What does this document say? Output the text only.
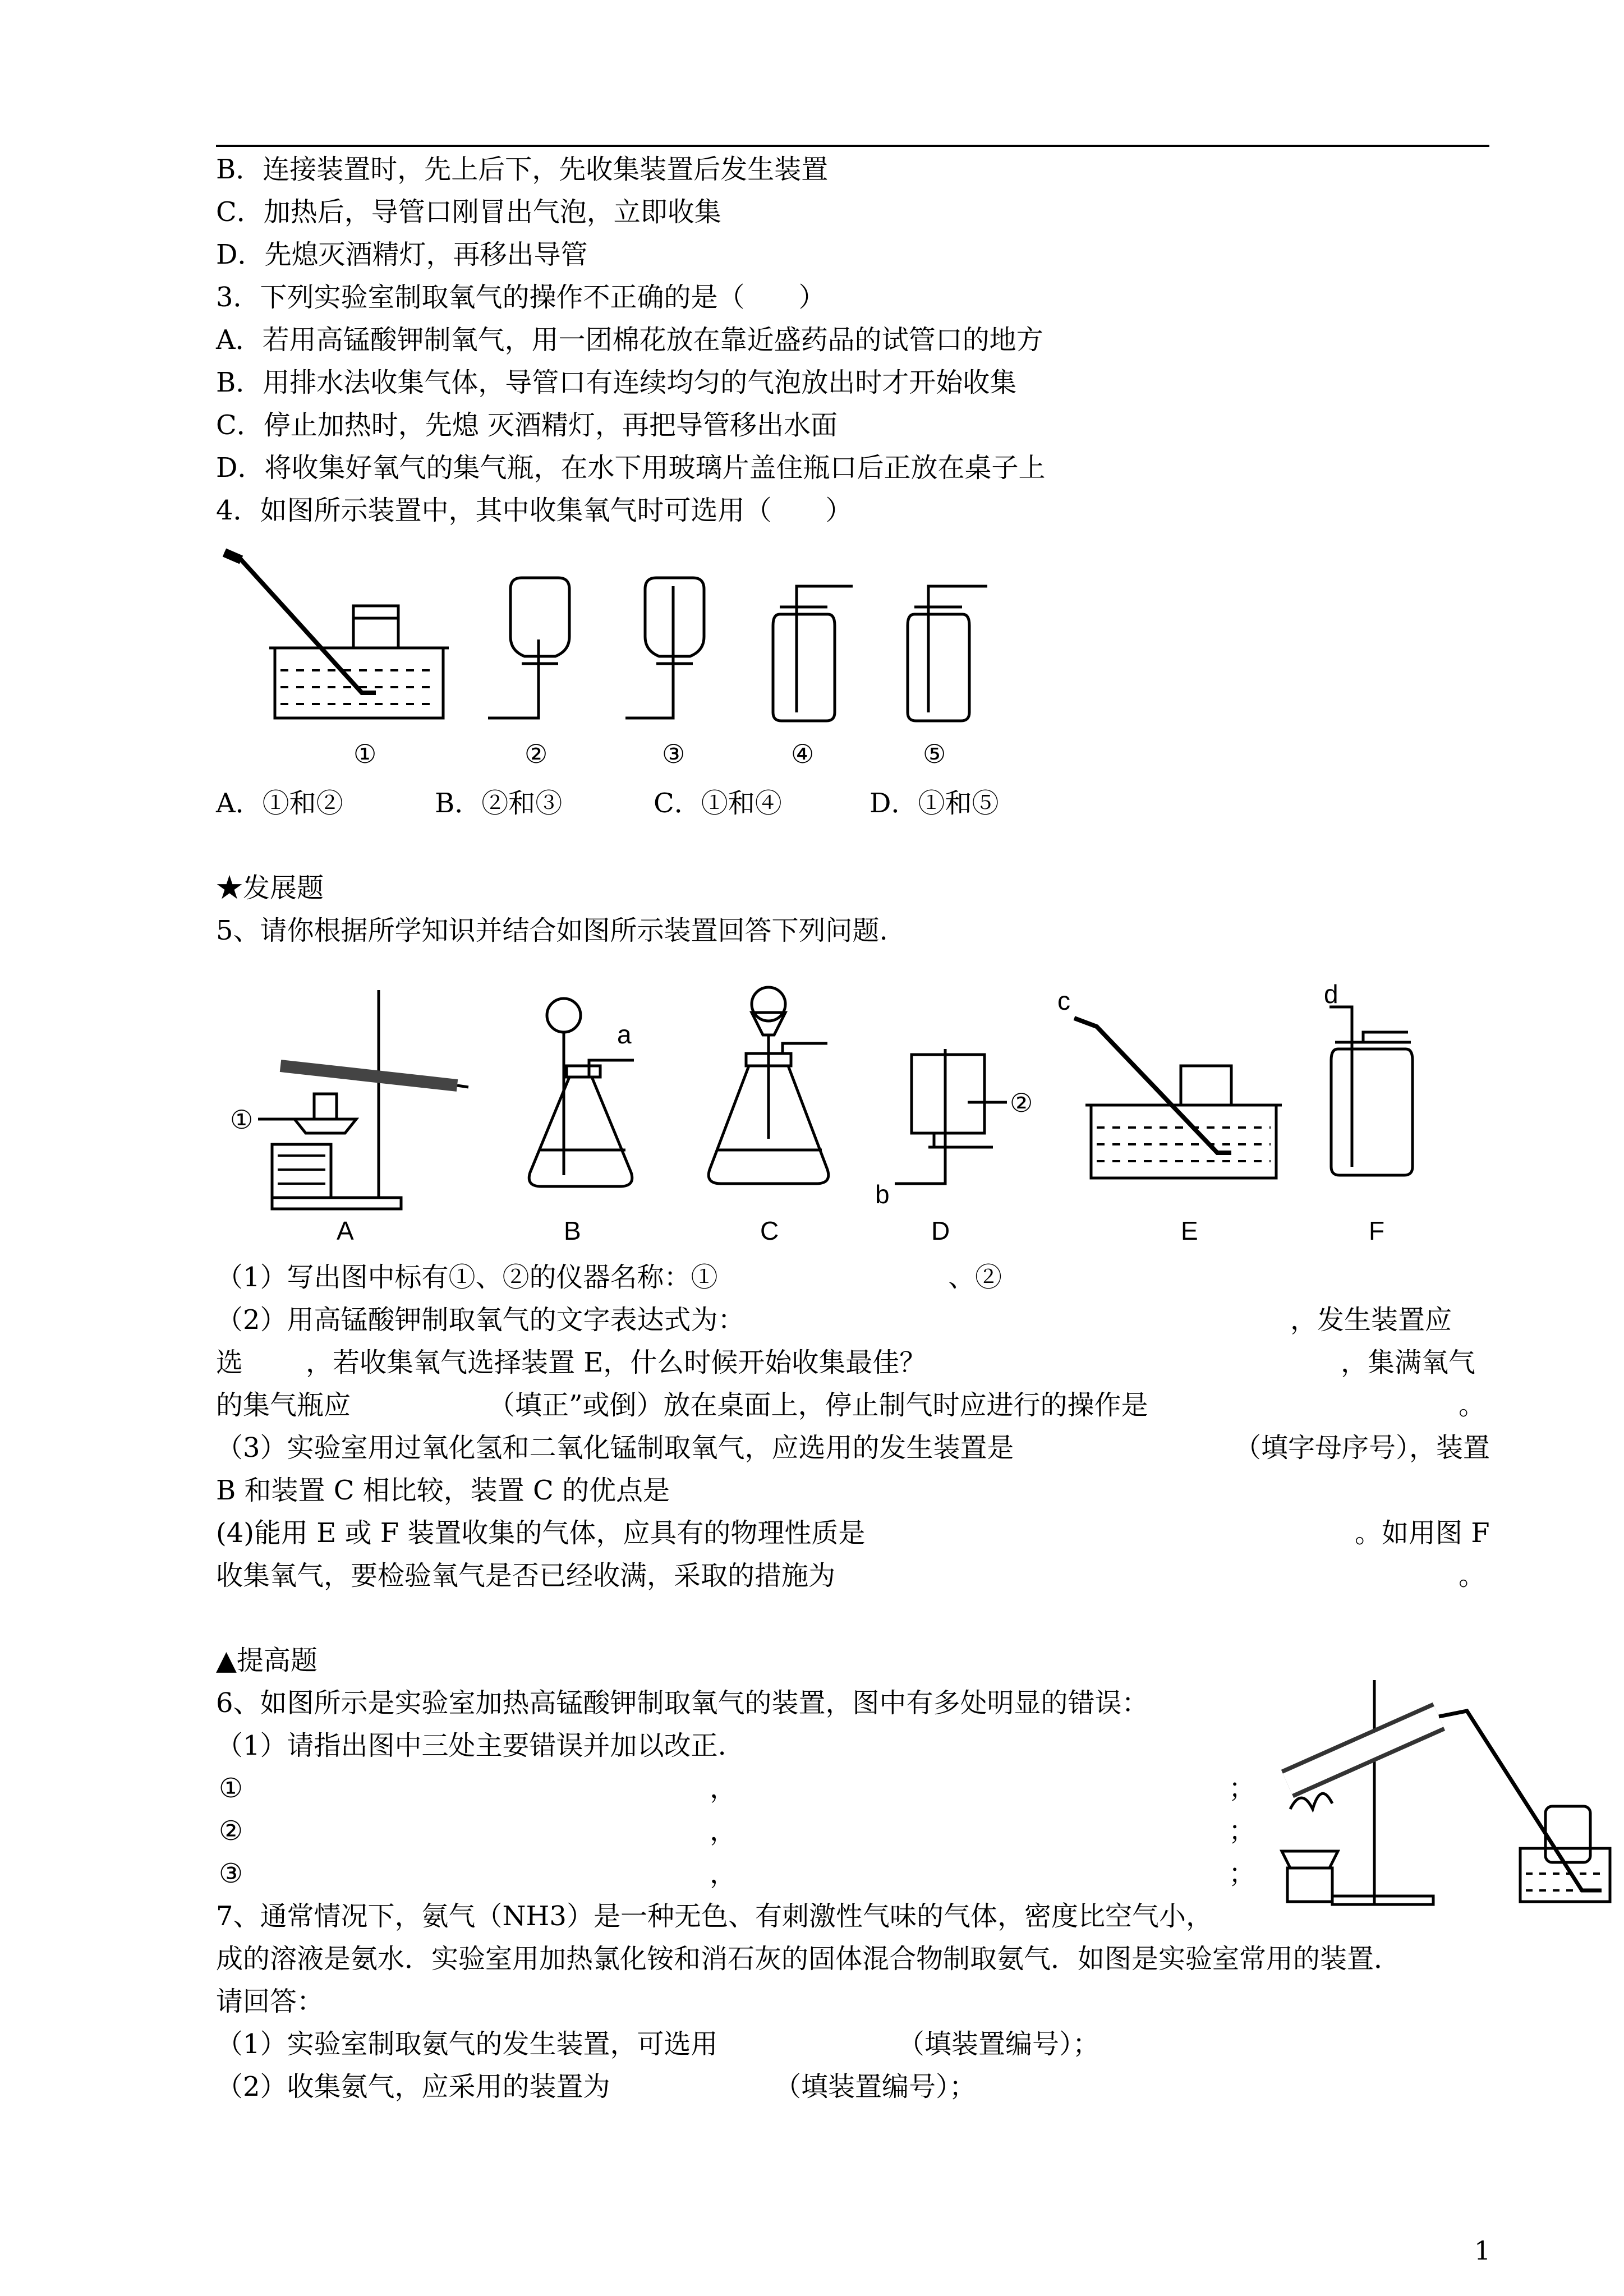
B．连接装置时，先上后下，先收集装置后发生装置
C．加热后，导管口刚冒出气泡，立即收集
D．先熄灭酒精灯，再移出导管
3．下列实验室制取氧气的操作不正确的是（　　）
A．若用高锰酸钾制氧气，用一团棉花放在靠近盛药品的试管口的地方
B．用排水法收集气体，导管口有连续均匀的气泡放出时才开始收集
C．停止加热时，先熄 灭酒精灯，再把导管移出水面
D．将收集好氧气的集气瓶，在水下用玻璃片盖住瓶口后正放在桌子上
4．如图所示装置中，其中收集氧气时可选用（　　）
①	②	③	④	⑤
A．①和②	B．②和③	C．①和④	D．①和⑤
★发展题
5、请你根据所学知识并结合如图所示装置回答下列问题.
①
A
a
B	C
②
b
D
c
E
d
F
（1）写出图中标有①、②的仪器名称：①	、②
（2）用高锰酸钾制取氧气的文字表达式为：	，发生装置应
选 ，若收集氧气选择装置 E，什么时候开始收集最佳？	，集满氧气
的集气瓶应	（填正”或倒）放在桌面上，停止制气时应进行的操作是	。
（3）实验室用过氧化氢和二氧化锰制取氧气，应选用的发生装置是	（填字母序号），装置
B 和装置 C 相比较，装置 C 的优点是
(4)能用 E 或 F 装置收集的气体，应具有的物理性质是	。如用图 F
收集氧气，要检验氧气是否已经收满，采取的措施为	。
▲提高题
6、如图所示是实验室加热高锰酸钾制取氧气的装置，图中有多处明显的错误：
（1）请指出图中三处主要错误并加以改正.
①	，	；
②	，	；
③	，	；
7、通常情况下，氨气（NH3）是一种无色、有刺激性气味的气体，密度比空气小，
成的溶液是氨水．实验室用加热氯化铵和消石灰的固体混合物制取氨气．如图是实验室常用的装置．
请回答：
（1）实验室制取氨气的发生装置，可选用	（填装置编号）；
（2）收集氨气，应采用的装置为	（填装置编号）；
1
